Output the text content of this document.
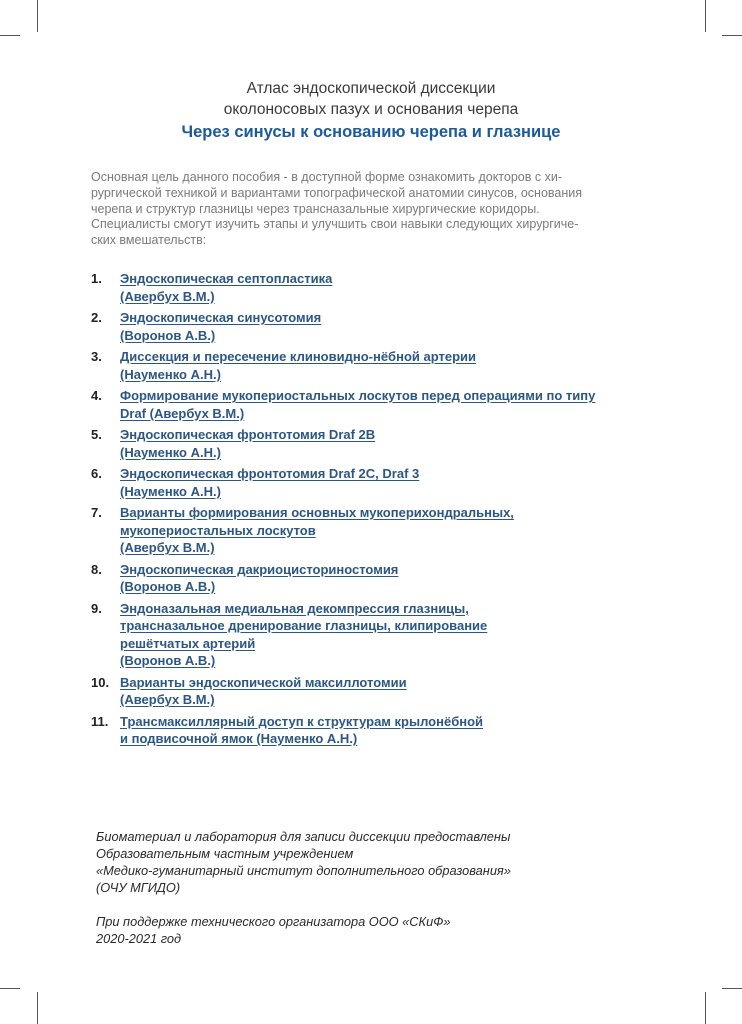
Атлас эндоскопической диссекции
околоносовых пазух и основания черепа
Через синусы к основанию черепа и глазнице

Основная цель данного пособия - в доступной форме ознакомить докторов с хи-

рургической техникой и вариантами топографической анатомии синусов, основания

черепа и структур глазницы через трансназальные хирургические коридоры.

Специалисты смогут изучить этапы и улучшить свои навыки следующих хирургиче-

ских вмешательств:

1.	Эндоскопическая септопластика
(Авербух В.М.)
2.	Эндоскопическая синусотомия
(Воронов А.В.)
3.	Диссекция и пересечение клиновидно-нёбной артерии
(Науменко А.Н.)
4.	Формирование мукопериостальных лоскутов перед операциями по типу
Draf (Авербух В.М.)
5.	Эндоскопическая фронтотомия Draf 2B
(Науменко А.Н.)
6.	Эндоскопическая фронтотомия Draf 2C, Draf 3
(Науменко А.Н.)
7.	Варианты формирования основных мукоперихондральных,
мукопериостальных лоскутов
(Авербух В.М.)
8.	Эндоскопическая дакриоцисториностомия
(Воронов А.В.)
9.	Эндоназальная медиальная декомпрессия глазницы,
трансназальное дренирование глазницы, клипирование
решётчатых артерий
(Воронов А.В.)
10. Варианты эндоскопической максиллотомии
(Авербух В.М.)
11. Трансмаксиллярный доступ к структурам крылонёбной
и подвисочной ямок (Науменко А.Н.)

Биоматериал и лаборатория для записи диссекции предоставлены

Образовательным частным учреждением

«Медико-гуманитарный институт дополнительного образования»

(ОЧУ МГИДО)

При поддержке технического организатора ООО «СКиФ»

2020-2021 год
